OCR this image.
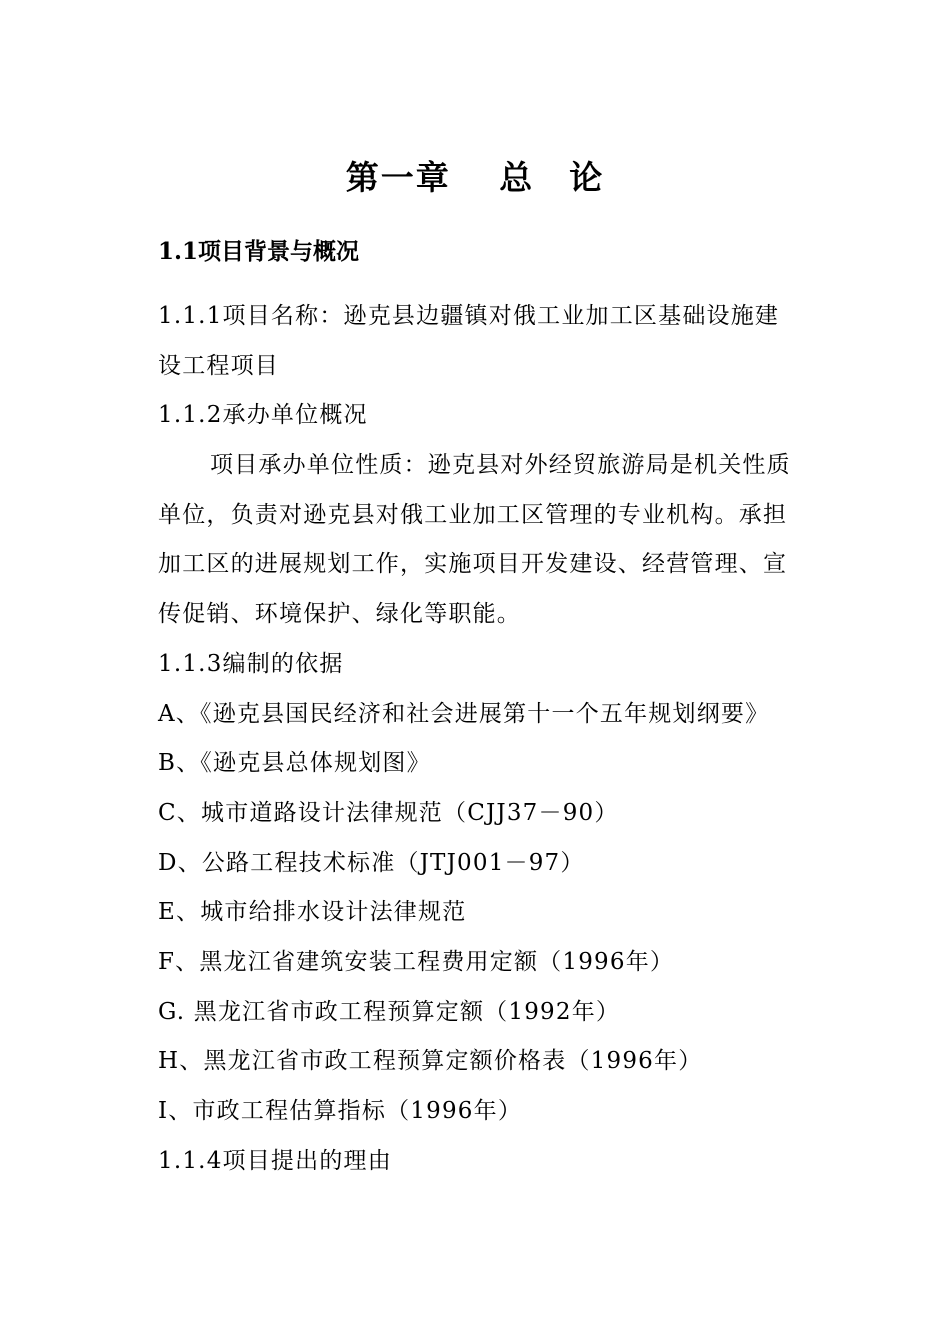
第一章　 总　论
1.1项目背景与概况
1.1.1项目名称：逊克县边疆镇对俄工业加工区基础设施建
设工程项目
1.1.2承办单位概况
项目承办单位性质：逊克县对外经贸旅游局是机关性质
单位，负责对逊克县对俄工业加工区管理的专业机构。承担
加工区的进展规划工作，实施项目开发建设、经营管理、宣
传促销、环境保护、绿化等职能。
1.1.3编制的依据
A、《逊克县国民经济和社会进展第十一个五年规划纲要》
B、《逊克县总体规划图》
C、城市道路设计法律规范（CJJ37－90）
D、公路工程技术标准（JTJ001－97）
E、城市给排水设计法律规范
F、黑龙江省建筑安装工程费用定额（1996年）
G. 黑龙江省市政工程预算定额（1992年）
H、黑龙江省市政工程预算定额价格表（1996年）
I、市政工程估算指标（1996年）
1.1.4项目提出的理由
